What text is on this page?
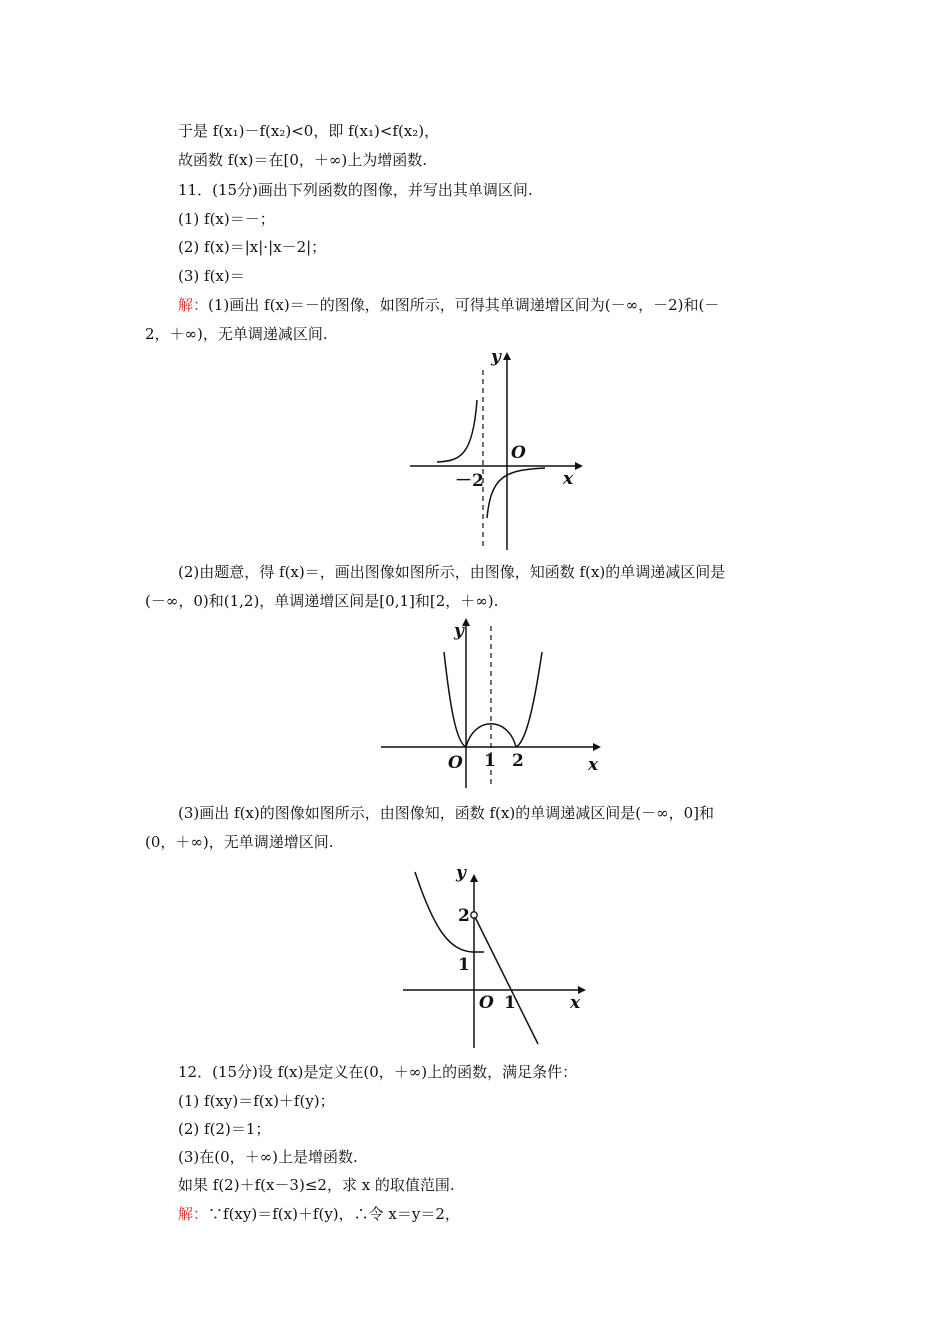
于是 f(x₁)－f(x₂)<0，即 f(x₁)<f(x₂)，
故函数 f(x)＝在[0，＋∞)上为增函数.
11．(15分)画出下列函数的图像，并写出其单调区间.
(1) f(x)＝－；
(2) f(x)＝|x|·|x－2|；
(3) f(x)＝
解：(1)画出 f(x)＝－的图像，如图所示，可得其单调递增区间为(－∞，－2)和(－
2，＋∞)，无单调递减区间.
y
O
－2	x
(2)由题意，得 f(x)＝，画出图像如图所示，由图像，知函数 f(x)的单调递减区间是
(－∞，0)和(1,2)，单调递增区间是[0,1]和[2，＋∞).
y
O 1 2	x
(3)画出 f(x)的图像如图所示，由图像知，函数 f(x)的单调递减区间是(－∞，0]和
(0，＋∞)，无单调递增区间.
y
2
1
O 1	x
12．(15分)设 f(x)是定义在(0，＋∞)上的函数，满足条件：
(1) f(xy)＝f(x)＋f(y)；
(2) f(2)＝1；
(3)在(0，＋∞)上是增函数.
如果 f(2)＋f(x－3)≤2，求 x 的取值范围.
解：∵f(xy)＝f(x)＋f(y)，∴令 x＝y＝2，
